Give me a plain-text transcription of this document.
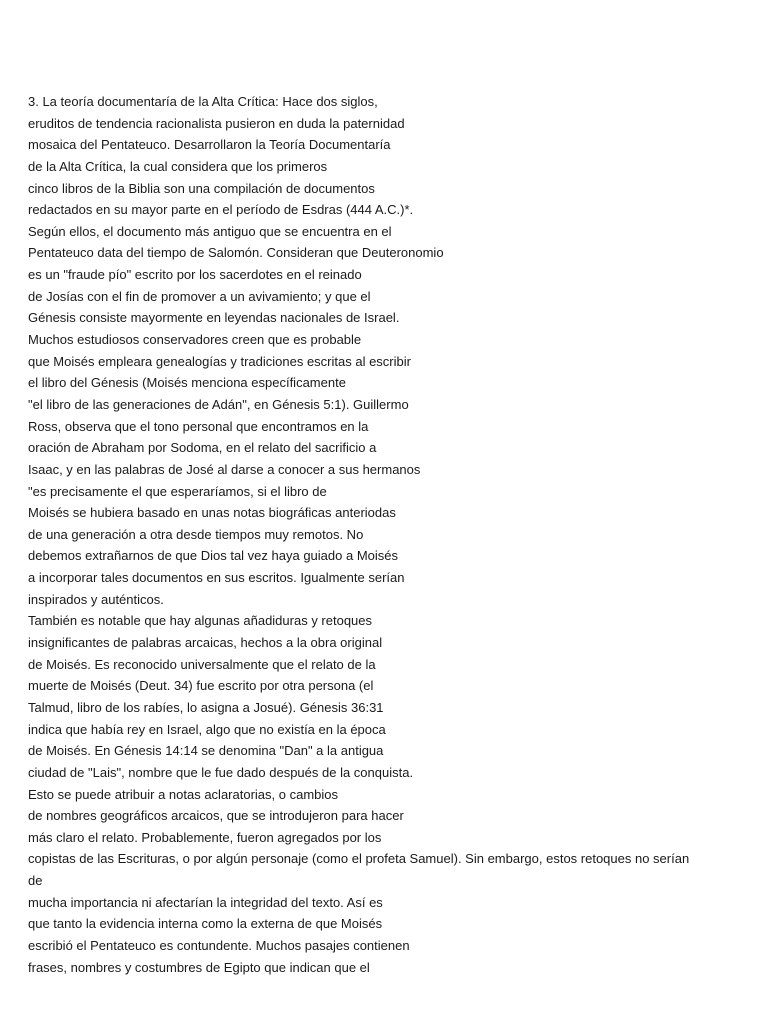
3. La teoría documentaría de la Alta Crítica: Hace dos siglos,
eruditos de tendencia racionalista pusieron en duda la paternidad
mosaica del Pentateuco. Desarrollaron la Teoría Documentaría
de la Alta Crítica, la cual considera que los primeros
cinco libros de la Biblia son una compilación de documentos
redactados en su mayor parte en el período de Esdras (444 A.C.)*.
Según ellos, el documento más antiguo que se encuentra en el
Pentateuco data del tiempo de Salomón. Consideran que Deuteronomio
es un "fraude pío" escrito por los sacerdotes en el reinado
de Josías con el fin de promover a un avivamiento; y que el
Génesis consiste mayormente en leyendas nacionales de Israel.
Muchos estudiosos conservadores creen que es probable
que Moisés empleara genealogías y tradiciones escritas al escribir
el libro del Génesis (Moisés menciona específicamente
"el libro de las generaciones de Adán", en Génesis 5:1). Guillermo
Ross, observa que el tono personal que encontramos en la
oración de Abraham por Sodoma, en el relato del sacrificio a
Isaac, y en las palabras de José al darse a conocer a sus hermanos
"es precisamente el que esperaríamos, si el libro de
Moisés se hubiera basado en unas notas biográficas anteriodas
de una generación a otra desde tiempos muy remotos. No
debemos extrañarnos de que Dios tal vez haya guiado a Moisés
a incorporar tales documentos en sus escritos. Igualmente serían
inspirados y auténticos.
También es notable que hay algunas añadiduras y retoques
insignificantes de palabras arcaicas, hechos a la obra original
de Moisés. Es reconocido universalmente que el relato de la
muerte de Moisés (Deut. 34) fue escrito por otra persona (el
Talmud, libro de los rabíes, lo asigna a Josué). Génesis 36:31
indica que había rey en Israel, algo que no existía en la época
de Moisés. En Génesis 14:14 se denomina "Dan" a la antigua
ciudad de "Lais", nombre que le fue dado después de la conquista.
Esto se puede atribuir a notas aclaratorias, o cambios
de nombres geográficos arcaicos, que se introdujeron para hacer
más claro el relato. Probablemente, fueron agregados por los
copistas de las Escrituras, o por algún personaje (como el profeta Samuel). Sin embargo, estos retoques no serían
de
mucha importancia ni afectarían la integridad del texto. Así es
que tanto la evidencia interna como la externa de que Moisés
escribió el Pentateuco es contundente. Muchos pasajes contienen
frases, nombres y costumbres de Egipto que indican que el
